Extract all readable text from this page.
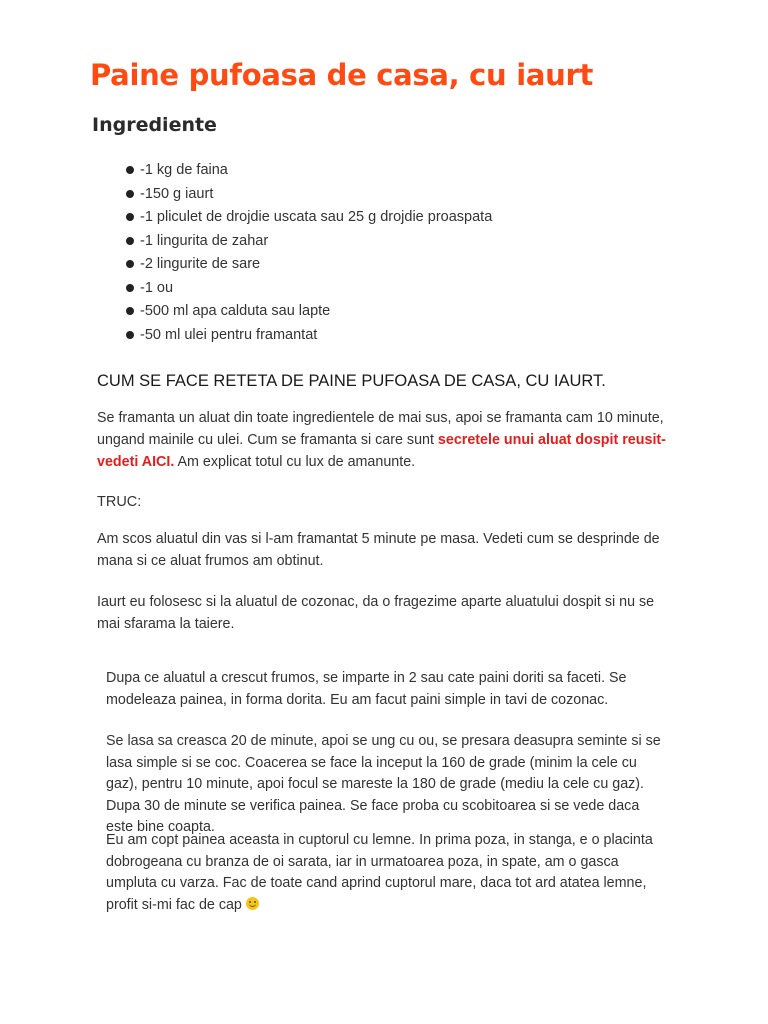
Paine pufoasa de casa, cu iaurt
Ingrediente
-1 kg de faina
-150 g iaurt
-1 pliculet de drojdie uscata sau 25 g drojdie proaspata
-1 lingurita de zahar
-2 lingurite de sare
-1 ou
-500 ml apa calduta sau lapte
-50 ml ulei pentru framantat
CUM SE FACE RETETA DE PAINE PUFOASA DE CASA, CU IAURT.

Se framanta un aluat din toate ingredientele de mai sus, apoi se framanta cam 10 minute, ungand mainile cu ulei. Cum se framanta si care sunt secretele unui aluat dospit reusit- vedeti AICI. Am explicat totul cu lux de amanunte.

TRUC:

Am scos aluatul din vas si l-am framantat 5 minute pe masa. Vedeti cum se desprinde de mana si ce aluat frumos am obtinut.

Iaurt eu folosesc si la aluatul de cozonac, da o fragezime aparte aluatului dospit si nu se mai sfarama la taiere.

Dupa ce aluatul a crescut frumos, se imparte in 2 sau cate paini doriti sa faceti. Se modeleaza painea, in forma dorita. Eu am facut paini simple in tavi de cozonac.

Se lasa sa creasca 20 de minute, apoi se ung cu ou, se presara deasupra seminte si se lasa simple si se coc. Coacerea se face la inceput la 160 de grade (minim la cele cu gaz), pentru 10 minute, apoi focul se mareste la 180 de grade (mediu la cele cu gaz). Dupa 30 de minute se verifica painea. Se face proba cu scobitoarea si se vede daca este bine coapta.

Eu am copt painea aceasta in cuptorul cu lemne. In prima poza, in stanga, e o placinta dobrogeana cu branza de oi sarata, iar in urmatoarea poza, in spate, am o gasca umpluta cu varza. Fac de toate cand aprind cuptorul mare, daca tot ard atatea lemne, profit si-mi fac de cap
